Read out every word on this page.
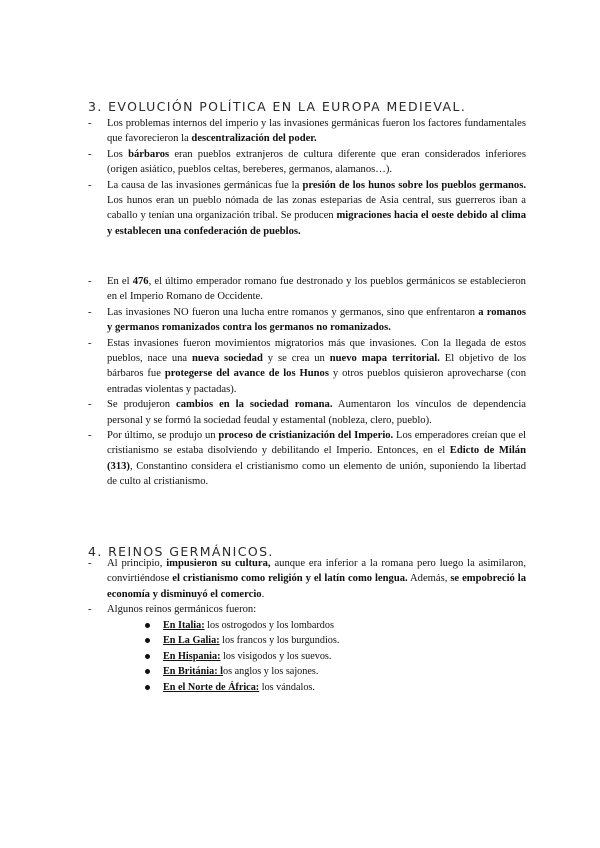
3. EVOLUCIÓN POLÍTICA EN LA EUROPA MEDIEVAL.
- Los problemas internos del imperio y las invasiones germánicas fueron los factores fundamentales que favorecieron la descentralización del poder.
- Los bárbaros eran pueblos extranjeros de cultura diferente que eran considerados inferiores (origen asiático, pueblos celtas, bereberes, germanos, alamanos…).
- La causa de las invasiones germánicas fue la presión de los hunos sobre los pueblos germanos. Los hunos eran un pueblo nómada de las zonas esteparias de Asia central, sus guerreros iban a caballo y tenían una organización tribal. Se producen migraciones hacia el oeste debido al clima y establecen una confederación de pueblos.
- En el 476, el último emperador romano fue destronado y los pueblos germánicos se establecieron en el Imperio Romano de Occidente.
- Las invasiones NO fueron una lucha entre romanos y germanos, sino que enfrentaron a romanos y germanos romanizados contra los germanos no romanizados.
- Estas invasiones fueron movimientos migratorios más que invasiones. Con la llegada de estos pueblos, nace una nueva sociedad y se crea un nuevo mapa territorial. El objetivo de los bárbaros fue protegerse del avance de los Hunos y otros pueblos quisieron aprovecharse (con entradas violentas y pactadas).
- Se produjeron cambios en la sociedad romana. Aumentaron los vínculos de dependencia personal y se formó la sociedad feudal y estamental (nobleza, clero, pueblo).
- Por último, se produjo un proceso de cristianización del Imperio. Los emperadores creían que el cristianismo se estaba disolviendo y debilitando el Imperio. Entonces, en el Edicto de Milán (313), Constantino considera el cristianismo como un elemento de unión, suponiendo la libertad de culto al cristianismo.
4. REINOS GERMÁNICOS.
- Al principio, impusieron su cultura, aunque era inferior a la romana pero luego la asimilaron, convirtiéndose el cristianismo como religión y el latín como lengua. Además, se empobreció la economía y disminuyó el comercio.
- Algunos reinos germánicos fueron:
En Italia: los ostrogodos y los lombardos
En La Galia: los francos y los burgundios.
En Hispania: los visigodos y los suevos.
En Británia: los anglos y los sajones.
En el Norte de África: los vándalos.
